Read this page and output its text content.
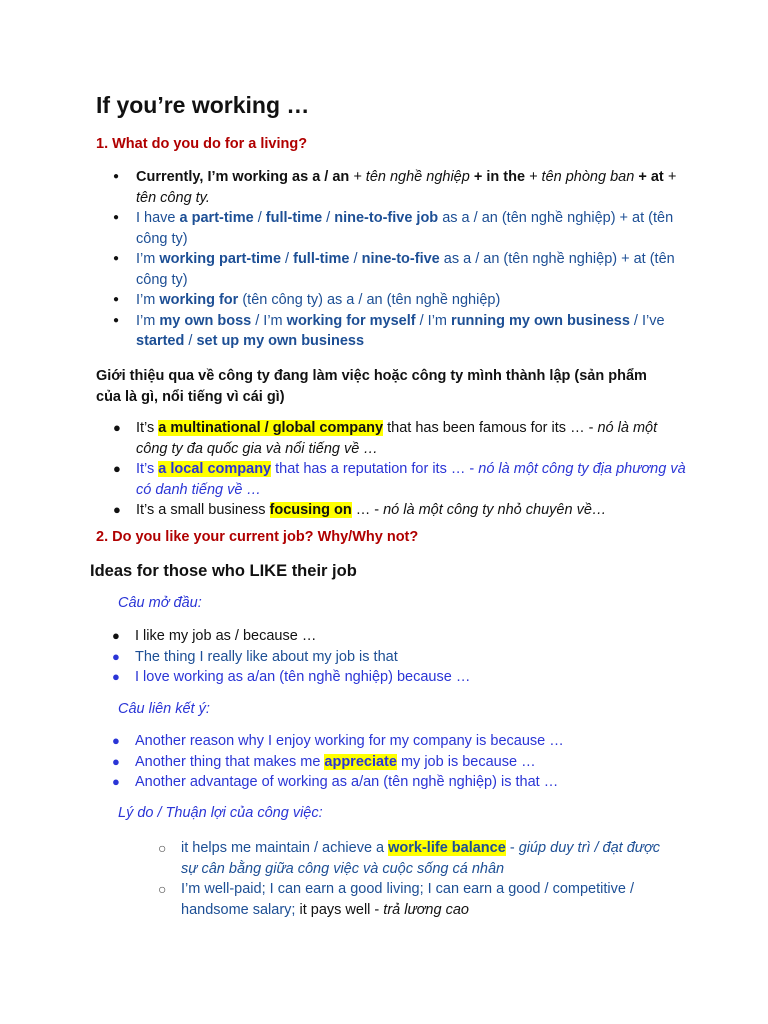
If you’re working …
1. What do you do for a living?
● Currently, I’m working as a / an + tên nghề nghiệp + in the + tên phòng ban + at + tên công ty.
● I have a part-time / full-time / nine-to-five job as a / an (tên nghề nghiệp) + at (tên công ty)
● I’m working part-time / full-time / nine-to-five as a / an (tên nghề nghiệp) + at (tên công ty)
● I’m working for (tên công ty) as a / an (tên nghề nghiệp)
● I’m my own boss / I’m working for myself / I’m running my own business / I’ve started / set up my own business
Giới thiệu qua về công ty đang làm việc hoặc công ty mình thành lập (sản phẩm của là gì, nổi tiếng vì cái gì)
● It’s a multinational / global company that has been famous for its … - nó là một công ty đa quốc gia và nổi tiếng về …
● It’s a local company that has a reputation for its … - nó là một công ty địa phương và có danh tiếng về …
● It’s a small business focusing on … - nó là một công ty nhỏ chuyên về…
2. Do you like your current job? Why/Why not?
Ideas for those who LIKE their job
Câu mở đầu:
● I like my job as / because …
● The thing I really like about my job is that
● I love working as a/an (tên nghề nghiệp) because …
Câu liên kết ý:
● Another reason why I enjoy working for my company is because …
● Another thing that makes me appreciate my job is because …
● Another advantage of working as a/an (tên nghề nghiệp) is that …
Lý do / Thuận lợi của công việc:
○ it helps me maintain / achieve a work-life balance - giúp duy trì / đạt được sự cân bằng giữa công việc và cuộc sống cá nhân
○ I’m well-paid; I can earn a good living; I can earn a good / competitive / handsome salary; it pays well - trả lương cao
